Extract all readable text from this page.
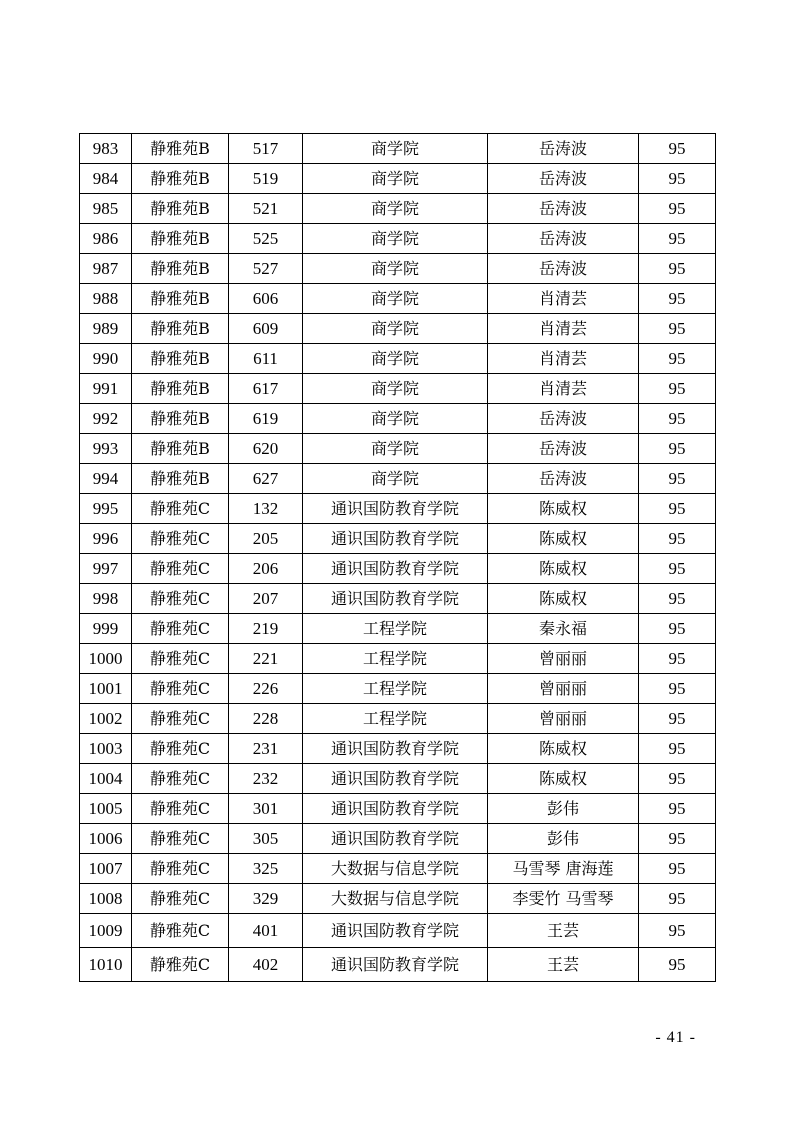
983	静雅苑B	517	商学院	岳涛波	95
984	静雅苑B	519	商学院	岳涛波	95
985	静雅苑B	521	商学院	岳涛波	95
986	静雅苑B	525	商学院	岳涛波	95
987	静雅苑B	527	商学院	岳涛波	95
988	静雅苑B	606	商学院	肖清芸	95
989	静雅苑B	609	商学院	肖清芸	95
990	静雅苑B	611	商学院	肖清芸	95
991	静雅苑B	617	商学院	肖清芸	95
992	静雅苑B	619	商学院	岳涛波	95
993	静雅苑B	620	商学院	岳涛波	95
994	静雅苑B	627	商学院	岳涛波	95
995	静雅苑C	132	通识国防教育学院	陈威权	95
996	静雅苑C	205	通识国防教育学院	陈威权	95
997	静雅苑C	206	通识国防教育学院	陈威权	95
998	静雅苑C	207	通识国防教育学院	陈威权	95
999	静雅苑C	219	工程学院	秦永福	95
1000	静雅苑C	221	工程学院	曾丽丽	95
1001	静雅苑C	226	工程学院	曾丽丽	95
1002	静雅苑C	228	工程学院	曾丽丽	95
1003	静雅苑C	231	通识国防教育学院	陈威权	95
1004	静雅苑C	232	通识国防教育学院	陈威权	95
1005	静雅苑C	301	通识国防教育学院	彭伟	95
1006	静雅苑C	305	通识国防教育学院	彭伟	95
1007	静雅苑C	325	大数据与信息学院	马雪琴 唐海莲	95
1008	静雅苑C	329	大数据与信息学院	李雯竹 马雪琴	95
1009	静雅苑C	401	通识国防教育学院	王芸	95
1010	静雅苑C	402	通识国防教育学院	王芸	95
- 41 -
